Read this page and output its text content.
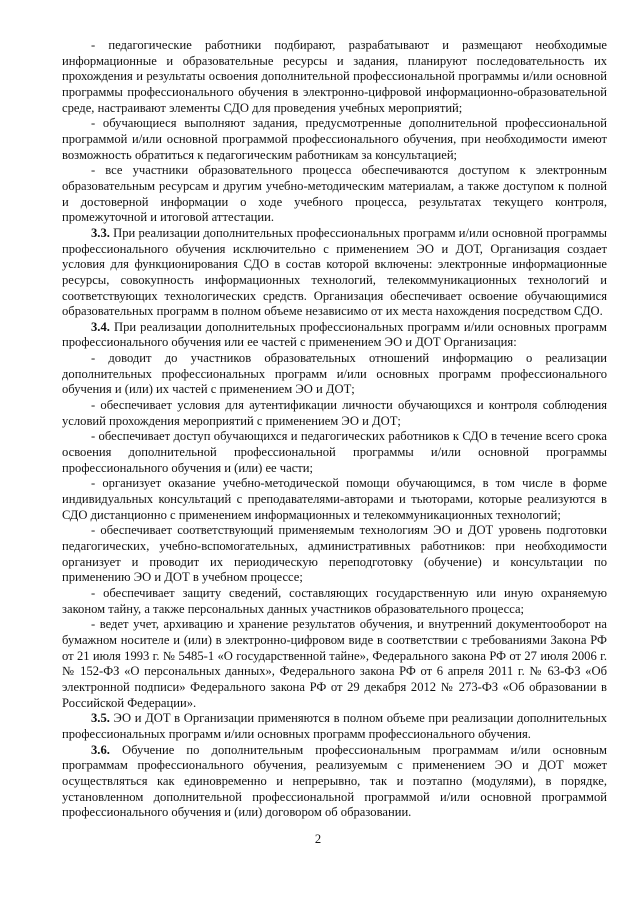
- педагогические работники подбирают, разрабатывают и размещают необходимые информационные и образовательные ресурсы и задания, планируют последовательность их прохождения и результаты освоения дополнительной профессиональной программы и/или основной программы профессионального обучения в электронно-цифровой информационно-образовательной среде, настраивают элементы СДО для проведения учебных мероприятий;

- обучающиеся выполняют задания, предусмотренные дополнительной профессиональной программой и/или основной программой профессионального обучения, при необходимости имеют возможность обратиться к педагогическим работникам за консультацией;

- все участники образовательного процесса обеспечиваются доступом к электронным образовательным ресурсам и другим учебно-методическим материалам, а также доступом к полной и достоверной информации о ходе учебного процесса, результатах текущего контроля, промежуточной и итоговой аттестации.

3.3. При реализации дополнительных профессиональных программ и/или основной программы профессионального обучения исключительно с применением ЭО и ДОТ, Организация создает условия для функционирования СДО в состав которой включены: электронные информационные ресурсы, совокупность информационных технологий, телекоммуникационных технологий и соответствующих технологических средств. Организация обеспечивает освоение обучающимися образовательных программ в полном объеме независимо от их места нахождения посредством СДО.

3.4. При реализации дополнительных профессиональных программ и/или основных программ профессионального обучения или ее частей с применением ЭО и ДОТ Организация:

- доводит до участников образовательных отношений информацию о реализации дополнительных профессиональных программ и/или основных программ профессионального обучения и (или) их частей с применением ЭО и ДОТ;

- обеспечивает условия для аутентификации личности обучающихся и контроля соблюдения условий прохождения мероприятий с применением ЭО и ДОТ;

- обеспечивает доступ обучающихся и педагогических работников к СДО в течение всего срока освоения дополнительной профессиональной программы и/или основной программы профессионального обучения и (или) ее части;

- организует оказание учебно-методической помощи обучающимся, в том числе в форме индивидуальных консультаций с преподавателями-авторами и тьюторами, которые реализуются в СДО дистанционно с применением информационных и телекоммуникационных технологий;

- обеспечивает соответствующий применяемым технологиям ЭО и ДОТ уровень подготовки педагогических, учебно-вспомогательных, административных работников: при необходимости организует и проводит их периодическую переподготовку (обучение) и консультации по применению ЭО и ДОТ в учебном процессе;

- обеспечивает защиту сведений, составляющих государственную или иную охраняемую законом тайну, а также персональных данных участников образовательного процесса;

- ведет учет, архивацию и хранение результатов обучения, и внутренний документооборот на бумажном носителе и (или) в электронно-цифровом виде в соответствии с требованиями Закона РФ от 21 июля 1993 г. № 5485-1 «О государственной тайне», Федерального закона РФ от 27 июля 2006 г. № 152-ФЗ «О персональных данных», Федерального закона РФ от 6 апреля 2011 г. № 63-ФЗ «Об электронной подписи» Федерального закона РФ от 29 декабря 2012 № 273-ФЗ «Об образовании в Российской Федерации».

3.5. ЭО и ДОТ в Организации применяются в полном объеме при реализации дополнительных профессиональных программ и/или основных программ профессионального обучения.

3.6. Обучение по дополнительным профессиональным программам и/или основным программам профессионального обучения, реализуемым с применением ЭО и ДОТ может осуществляться как единовременно и непрерывно, так и поэтапно (модулями), в порядке, установленном дополнительной профессиональной программой и/или основной программой профессионального обучения и (или) договором об образовании.

2
